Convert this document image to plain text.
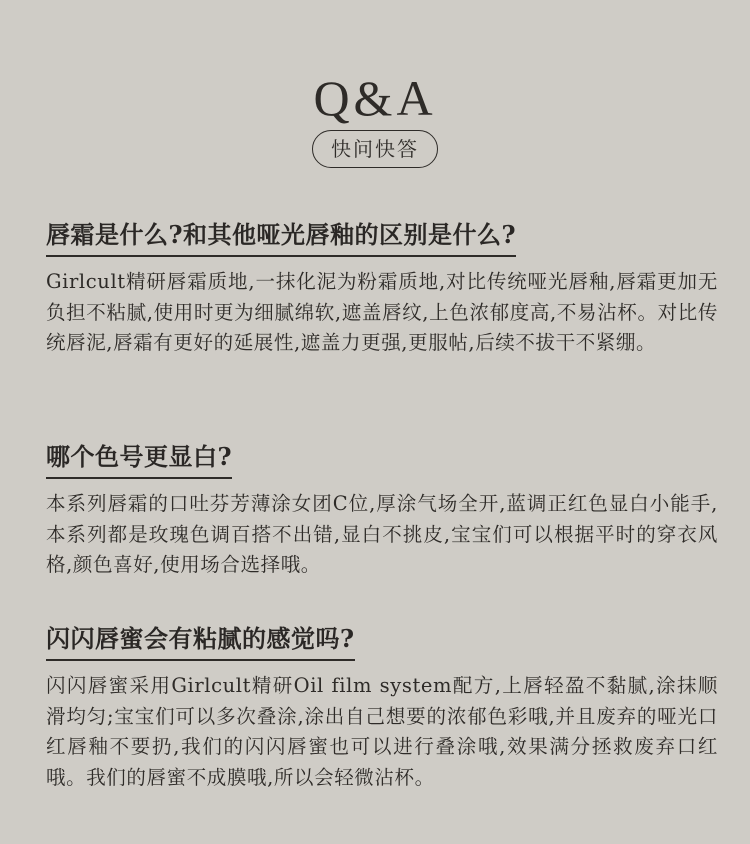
Q&A
快问快答
唇霜是什么?和其他哑光唇釉的区别是什么?
Girlcult精研唇霜质地,一抹化泥为粉霜质地,对比传统哑光唇釉,唇霜更加无负担不粘腻,使用时更为细腻绵软,遮盖唇纹,上色浓郁度高,不易沾杯。对比传统唇泥,唇霜有更好的延展性,遮盖力更强,更服帖,后续不拔干不紧绷。
哪个色号更显白?
本系列唇霜的口吐芬芳薄涂女团C位,厚涂气场全开,蓝调正红色显白小能手,本系列都是玫瑰色调百搭不出错,显白不挑皮,宝宝们可以根据平时的穿衣风格,颜色喜好,使用场合选择哦。
闪闪唇蜜会有粘腻的感觉吗?
闪闪唇蜜采用Girlcult精研Oil film system配方,上唇轻盈不黏腻,涂抹顺滑均匀;宝宝们可以多次叠涂,涂出自己想要的浓郁色彩哦,并且废弃的哑光口红唇釉不要扔,我们的闪闪唇蜜也可以进行叠涂哦,效果满分拯救废弃口红哦。我们的唇蜜不成膜哦,所以会轻微沾杯。
